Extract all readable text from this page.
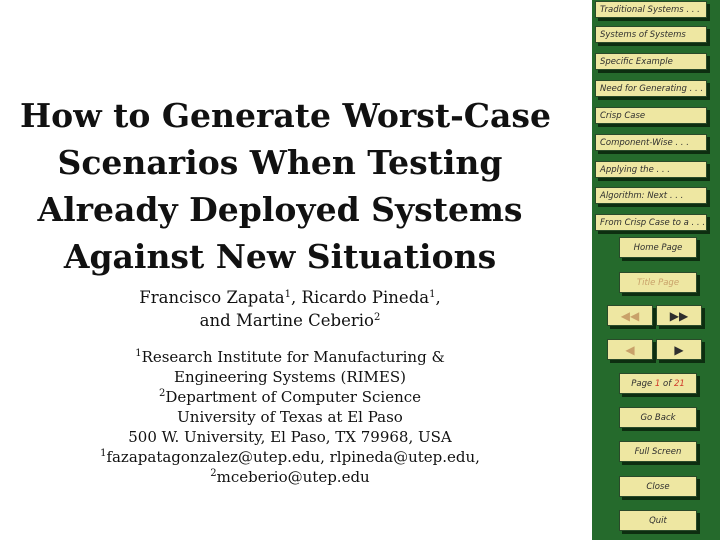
How to Generate Worst-Case
Scenarios When Testing
Already Deployed Systems
Against New Situations
Francisco Zapata$^1$, Ricardo Pineda$^1$,
and Martine Ceberio$^2$
$^1$Research Institute for Manufacturing &
Engineering Systems (RIMES)
$^2$Department of Computer Science
University of Texas at El Paso
500 W. University, El Paso, TX 79968, USA
$^1$fazapatagonzalez@utep.edu, rlpineda@utep.edu,
$^2$mceberio@utep.edu
Traditional Systems . . .
Systems of Systems
Specific Example
Need for Generating . . .
Crisp Case
Component-Wise . . .
Applying the . . .
Algorithm: Next . . .
From Crisp Case to a . . .
Home Page
Title Page
◀◀	▶▶
◀	▶
Page 1 of 21
Go Back
Full Screen
Close
Quit
